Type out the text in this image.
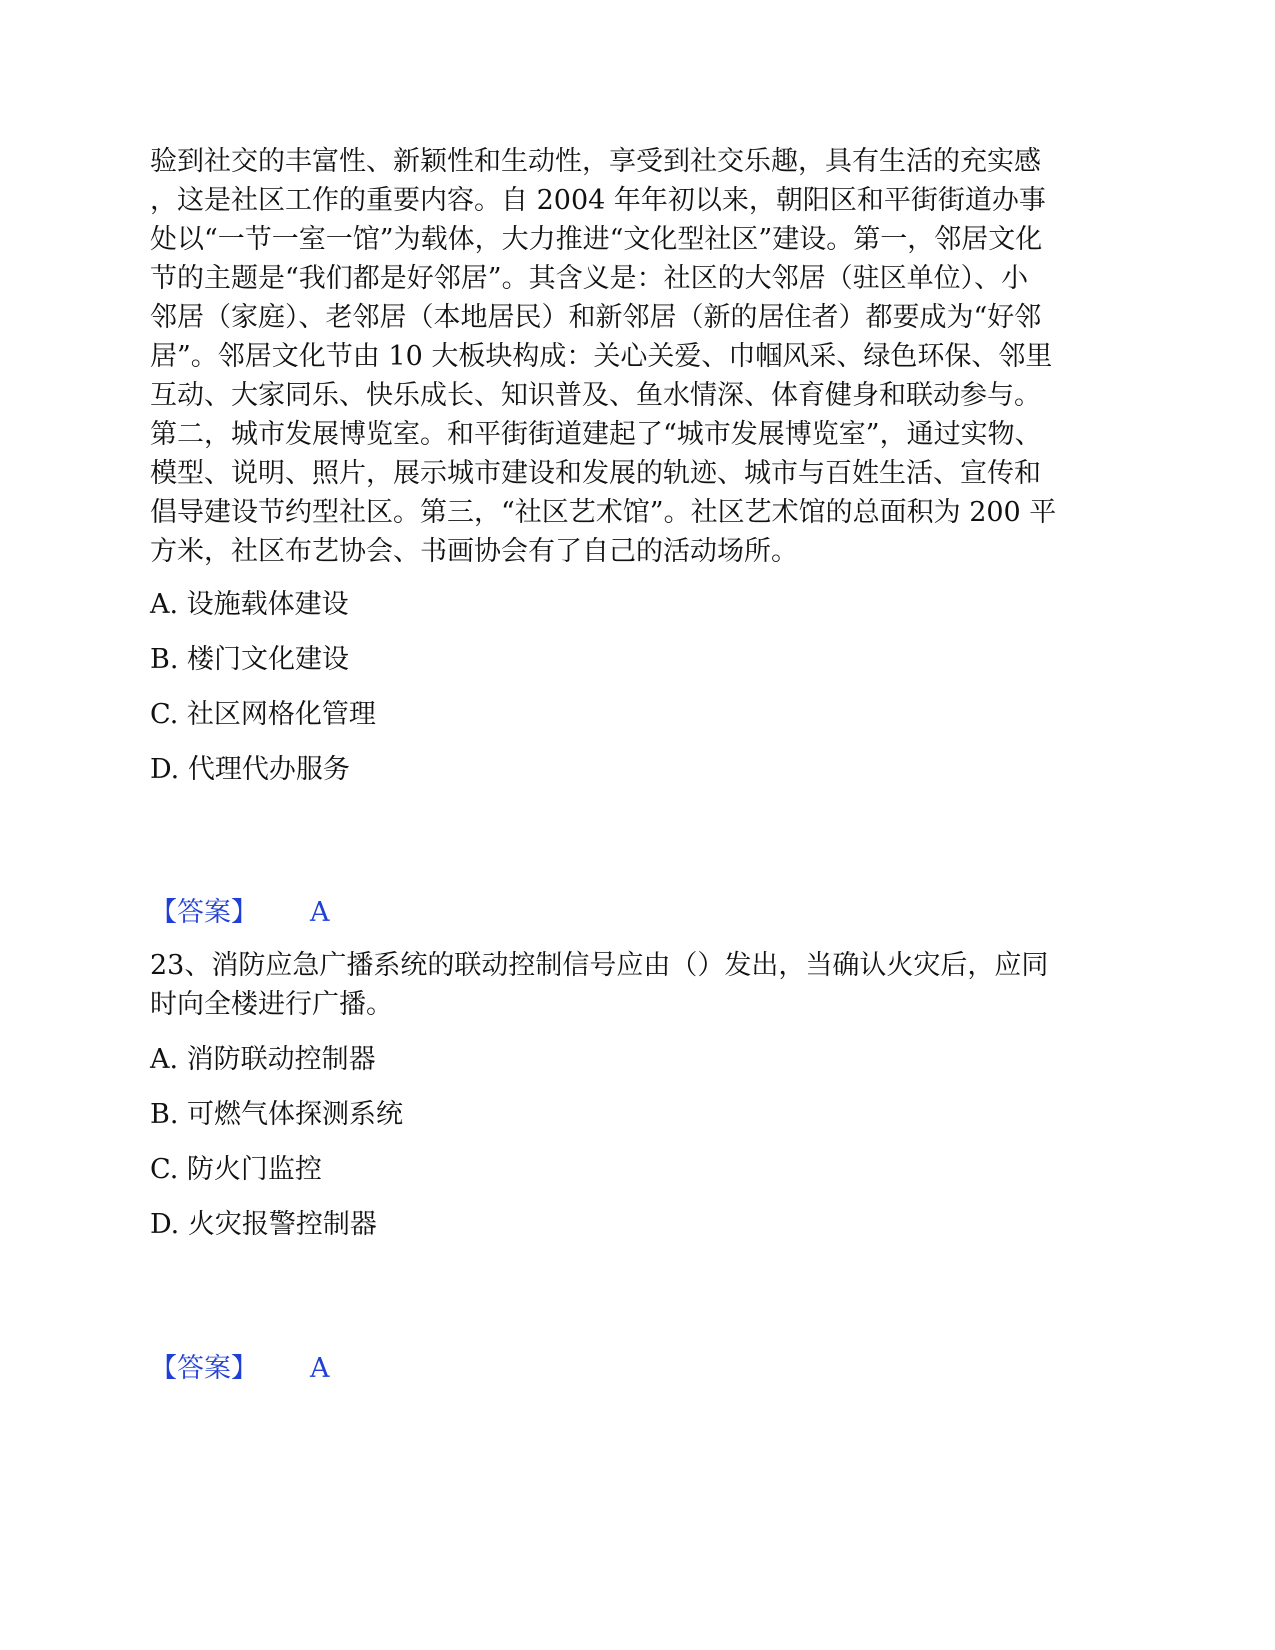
验到社交的丰富性、新颖性和生动性，享受到社交乐趣，具有生活的充实感
，这是社区工作的重要内容。自 2004 年年初以来，朝阳区和平街街道办事
处以“一节一室一馆”为载体，大力推进“文化型社区”建设。第一，邻居文化
节的主题是“我们都是好邻居”。其含义是：社区的大邻居（驻区单位）、小
邻居（家庭）、老邻居（本地居民）和新邻居（新的居住者）都要成为“好邻
居”。邻居文化节由 10 大板块构成：关心关爱、巾帼风采、绿色环保、邻里
互动、大家同乐、快乐成长、知识普及、鱼水情深、体育健身和联动参与。
第二，城市发展博览室。和平街街道建起了“城市发展博览室”，通过实物、
模型、说明、照片，展示城市建设和发展的轨迹、城市与百姓生活、宣传和
倡导建设节约型社区。第三，“社区艺术馆”。社区艺术馆的总面积为 200 平
方米，社区布艺协会、书画协会有了自己的活动场所。
A. 设施载体建设
B. 楼门文化建设
C. 社区网格化管理
D. 代理代办服务
【答案】 A
23、消防应急广播系统的联动控制信号应由（）发出，当确认火灾后，应同
时向全楼进行广播。
A. 消防联动控制器
B. 可燃气体探测系统
C. 防火门监控
D. 火灾报警控制器
【答案】 A
